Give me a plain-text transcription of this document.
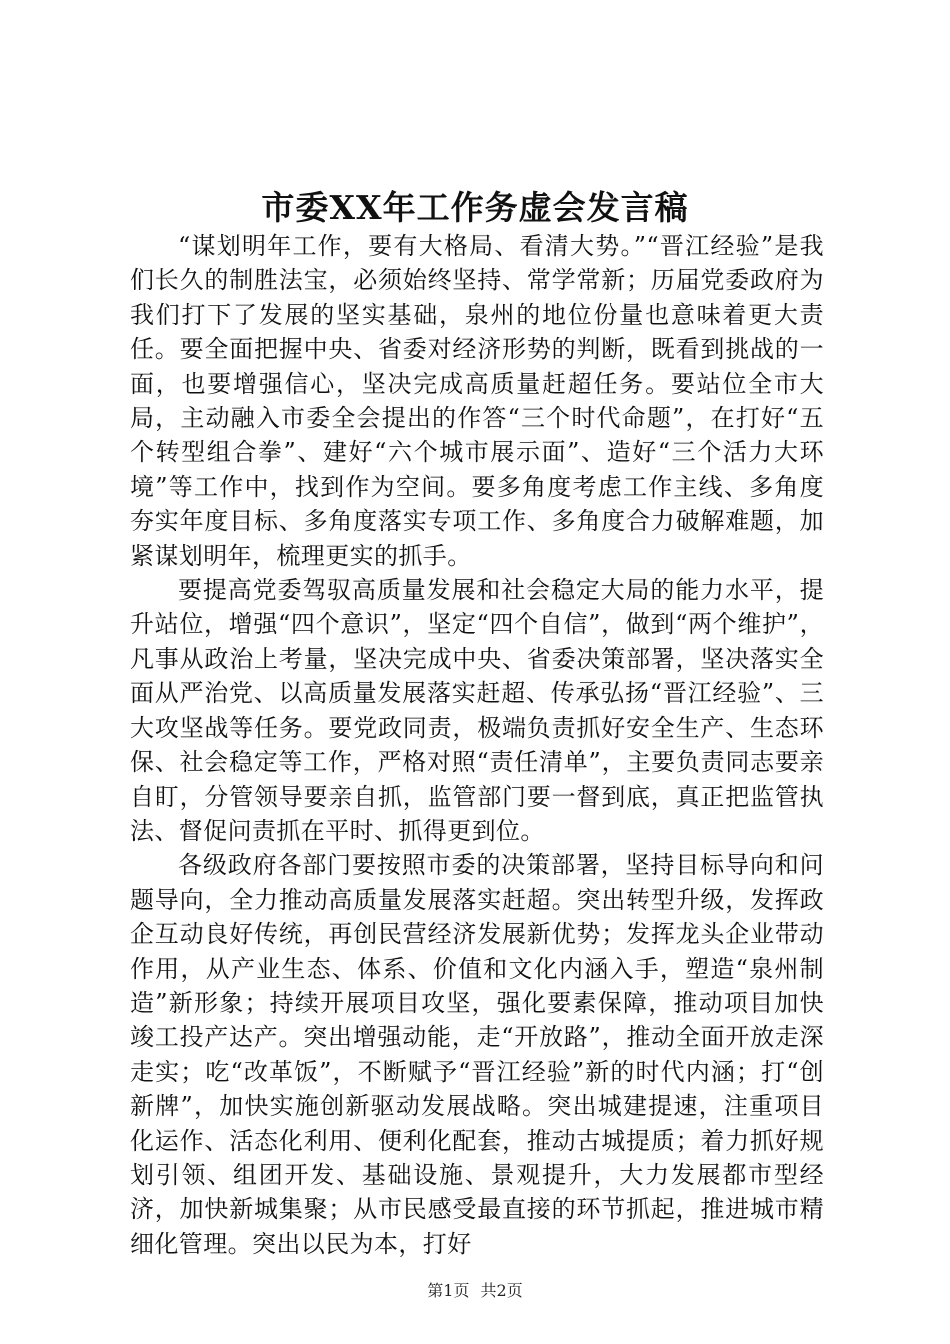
市委XX年工作务虚会发言稿

“谋划明年工作，要有大格局、看清大势。”“晋江经验”是我们长久的制胜法宝，必须始终坚持、常学常新；历届党委政府为我们打下了发展的坚实基础，泉州的地位份量也意味着更大责任。要全面把握中央、省委对经济形势的判断，既看到挑战的一面，也要增强信心，坚决完成高质量赶超任务。要站位全市大局，主动融入市委全会提出的作答“三个时代命题”，在打好“五个转型组合拳”、建好“六个城市展示面”、造好“三个活力大环境”等工作中，找到作为空间。要多角度考虑工作主线、多角度夯实年度目标、多角度落实专项工作、多角度合力破解难题，加紧谋划明年，梳理更实的抓手。

要提高党委驾驭高质量发展和社会稳定大局的能力水平，提升站位，增强“四个意识”，坚定“四个自信”，做到“两个维护”，凡事从政治上考量，坚决完成中央、省委决策部署，坚决落实全面从严治党、以高质量发展落实赶超、传承弘扬“晋江经验”、三大攻坚战等任务。要党政同责，极端负责抓好安全生产、生态环保、社会稳定等工作，严格对照“责任清单”，主要负责同志要亲自盯，分管领导要亲自抓，监管部门要一督到底，真正把监管执法、督促问责抓在平时、抓得更到位。

各级政府各部门要按照市委的决策部署，坚持目标导向和问题导向，全力推动高质量发展落实赶超。突出转型升级，发挥政企互动良好传统，再创民营经济发展新优势；发挥龙头企业带动作用，从产业生态、体系、价值和文化内涵入手，塑造“泉州制造”新形象；持续开展项目攻坚，强化要素保障，推动项目加快竣工投产达产。突出增强动能，走“开放路”，推动全面开放走深走实；吃“改革饭”，不断赋予“晋江经验”新的时代内涵；打“创新牌”，加快实施创新驱动发展战略。突出城建提速，注重项目化运作、活态化利用、便利化配套，推动古城提质；着力抓好规划引领、组团开发、基础设施、景观提升，大力发展都市型经济，加快新城集聚；从市民感受最直接的环节抓起，推进城市精细化管理。突出以民为本，打好

第1页 共2页
